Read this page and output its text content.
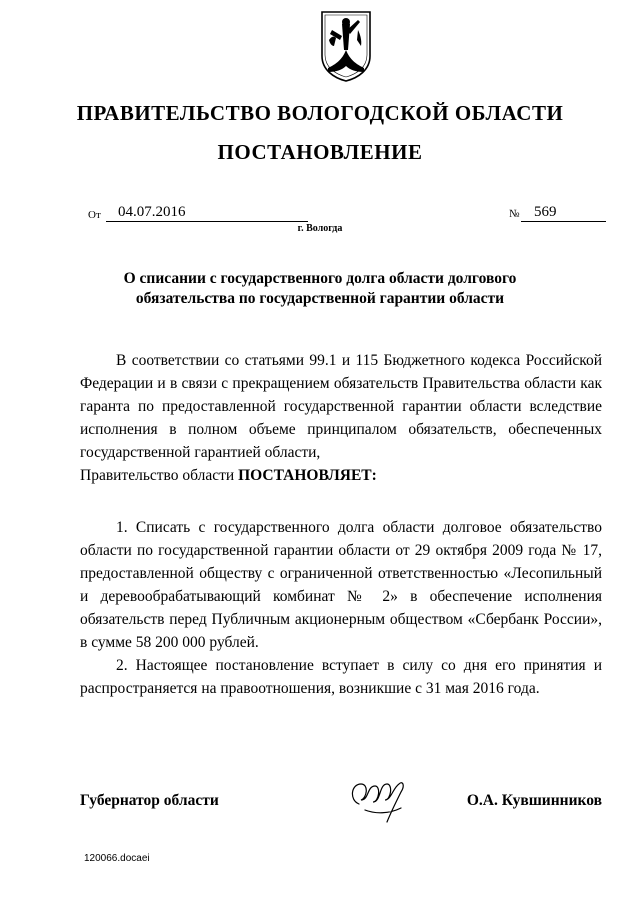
ПРАВИТЕЛЬСТВО ВОЛОГОДСКОЙ ОБЛАСТИ
ПОСТАНОВЛЕНИЕ
От	04.07.2016	№ 569
г. Вологда
О списании с государственного долга области долгового обязательства по государственной гарантии области

В соответствии со статьями 99.1 и 115 Бюджетного кодекса Российской Федерации и в связи с прекращением обязательств Правительства области как гаранта по предоставленной государственной гарантии области вследствие исполнения в полном объеме принципалом обязательств, обеспеченных государственной гарантией области,

Правительство области ПОСТАНОВЛЯЕТ:

1. Списать с государственного долга области долговое обязательство области по государственной гарантии области от 29 октября 2009 года № 17, предоставленной обществу с ограниченной ответственностью «Лесопильный и деревообрабатывающий комбинат № 2» в обеспечение исполнения обязательств перед Публичным акционерным обществом «Сбербанк России», в сумме 58 200 000 рублей.

2. Настоящее постановление вступает в силу со дня его принятия и распространяется на правоотношения, возникшие с 31 мая 2016 года.

Губернатор области	О.А. Кувшинников
120066.docaei
